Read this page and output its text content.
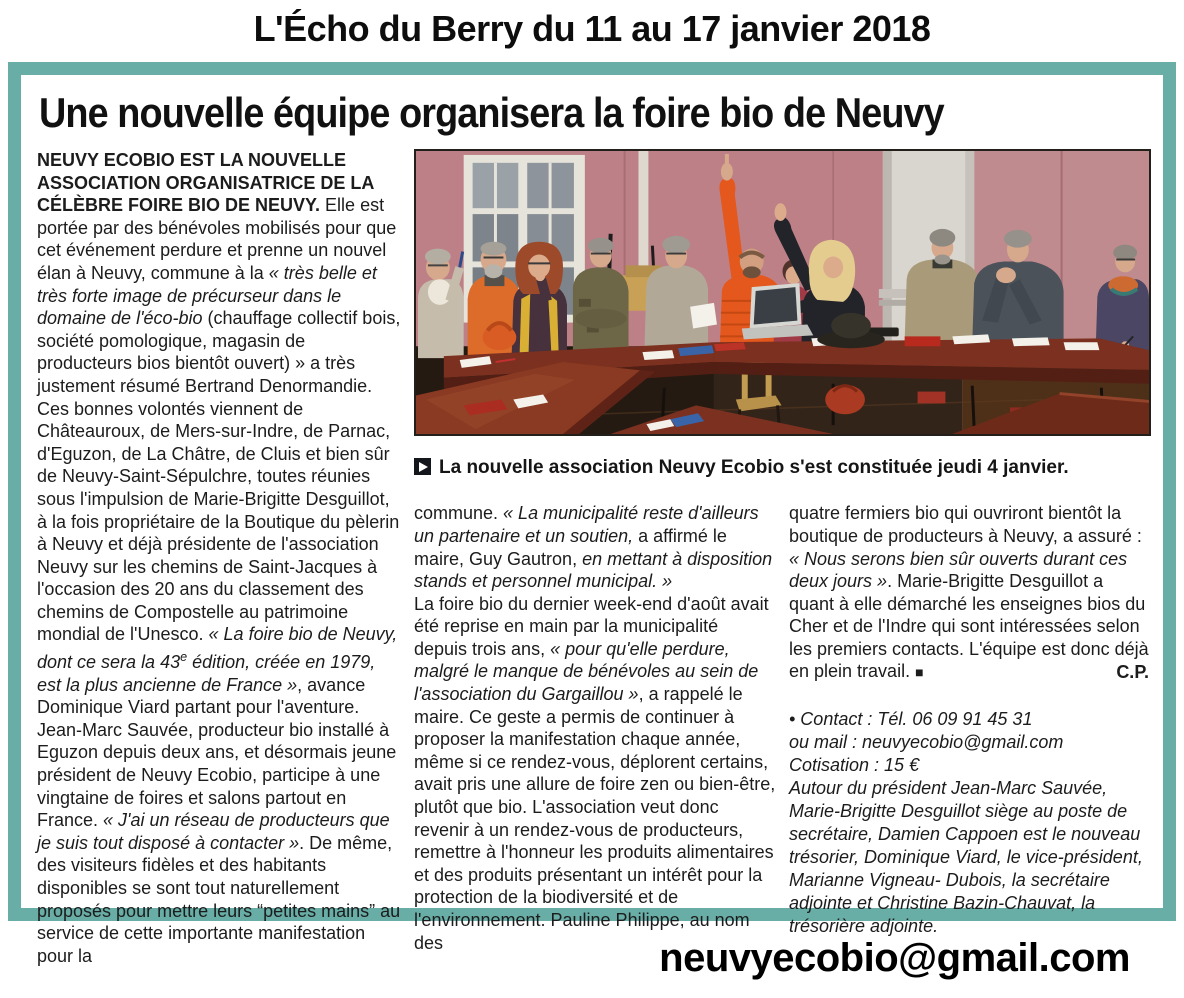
L'Écho du Berry du 11 au 17 janvier 2018
Une nouvelle équipe organisera la foire bio de Neuvy
NEUVY ECOBIO EST LA NOUVELLE ASSOCIATION ORGANISATRICE DE LA CÉLÈBRE FOIRE BIO DE NEUVY. Elle est portée par des bénévoles mobilisés pour que cet événement perdure et prenne un nouvel élan à Neuvy, commune à la « très belle et très forte image de précurseur dans le domaine de l'éco-bio (chauffage collectif bois, société pomologique, magasin de producteurs bios bientôt ouvert) » a très justement résumé Bertrand Denormandie. Ces bonnes volontés viennent de Châteauroux, de Mers-sur-Indre, de Parnac, d'Eguzon, de La Châtre, de Cluis et bien sûr de Neuvy-Saint-Sépulchre, toutes réunies sous l'impulsion de Marie-Brigitte Desguillot, à la fois propriétaire de la Boutique du pèlerin à Neuvy et déjà présidente de l'association Neuvy sur les chemins de Saint-Jacques à l'occasion des 20 ans du classement des chemins de Compostelle au patrimoine mondial de l'Unesco. « La foire bio de Neuvy, dont ce sera la 43e édition, créée en 1979, est la plus ancienne de France », avance Dominique Viard partant pour l'aventure. Jean-Marc Sauvée, producteur bio installé à Eguzon depuis deux ans, et désormais jeune président de Neuvy Ecobio, participe à une vingtaine de foires et salons partout en France. « J'ai un réseau de producteurs que je suis tout disposé à contacter ». De même, des visiteurs fidèles et des habitants disponibles se sont tout naturellement proposés pour mettre leurs “petites mains” au service de cette importante manifestation pour la
La nouvelle association Neuvy Ecobio s'est constituée jeudi 4 janvier.
commune. « La municipalité reste d'ailleurs un partenaire et un soutien, a affirmé le maire, Guy Gautron, en mettant à disposition stands et personnel municipal. »
La foire bio du dernier week-end d'août avait été reprise en main par la municipalité depuis trois ans, « pour qu'elle perdure, malgré le manque de bénévoles au sein de l'association du Gargaillou », a rappelé le maire. Ce geste a permis de continuer à proposer la manifestation chaque année, même si ce rendez-vous, déplorent certains, avait pris une allure de foire zen ou bien-être, plutôt que bio. L'association veut donc revenir à un rendez-vous de producteurs, remettre à l'honneur les produits alimentaires et des produits présentant un intérêt pour la protection de la biodiversité et de l'environnement. Pauline Philippe, au nom des
quatre fermiers bio qui ouvriront bientôt la boutique de producteurs à Neuvy, a assuré : « Nous serons bien sûr ouverts durant ces deux jours ». Marie-Brigitte Desguillot a quant à elle démarché les enseignes bios du Cher et de l'Indre qui sont intéressées selon les premiers contacts. L'équipe est donc déjà en plein travail. ■	C.P.
• Contact : Tél. 06 09 91 45 31
ou mail : neuvyecobio@gmail.com
Cotisation : 15 €
Autour du président Jean-Marc Sauvée, Marie-Brigitte Desguillot siège au poste de secrétaire, Damien Cappoen est le nouveau trésorier, Dominique Viard, le vice-président, Marianne Vigneau- Dubois, la secrétaire adjointe et Christine Bazin-Chauvat, la trésorière adjointe.
neuvyecobio@gmail.com
